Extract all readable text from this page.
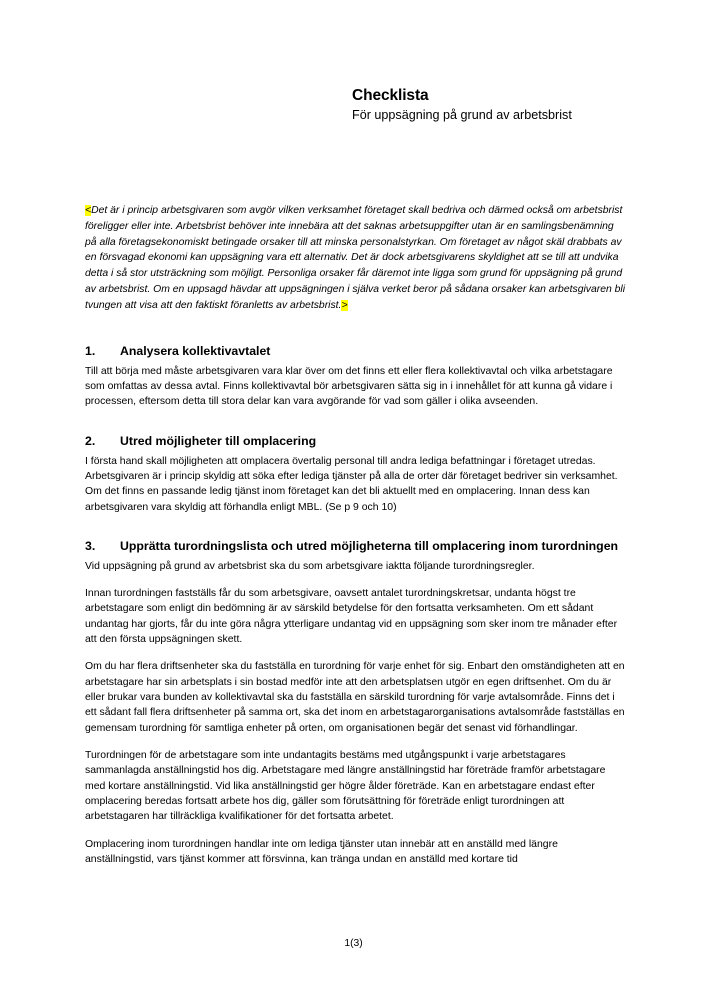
Checklista
För uppsägning på grund av arbetsbrist

<Det är i princip arbetsgivaren som avgör vilken verksamhet företaget skall bedriva och därmed också om arbetsbrist föreligger eller inte. Arbetsbrist behöver inte innebära att det saknas arbetsuppgifter utan är en samlingsbenämning på alla företagsekonomiskt betingade orsaker till att minska personalstyrkan. Om företaget av något skäl drabbats av en försvagad ekonomi kan uppsägning vara ett alternativ. Det är dock arbetsgivarens skyldighet att se till att undvika detta i så stor utsträckning som möjligt. Personliga orsaker får däremot inte ligga som grund för uppsägning på grund av arbetsbrist. Om en uppsagd hävdar att uppsägningen i själva verket beror på sådana orsaker kan arbetsgivaren bli tvungen att visa att den faktiskt föranletts av arbetsbrist.>

1.	Analysera kollektivavtalet

Till att börja med måste arbetsgivaren vara klar över om det finns ett eller flera kollektivavtal och vilka arbetstagare som omfattas av dessa avtal. Finns kollektivavtal bör arbetsgivaren sätta sig in i innehållet för att kunna gå vidare i processen, eftersom detta till stora delar kan vara avgörande för vad som gäller i olika avseenden.

2.	Utred möjligheter till omplacering

I första hand skall möjligheten att omplacera övertalig personal till andra lediga befattningar i företaget utredas. Arbetsgivaren är i princip skyldig att söka efter lediga tjänster på alla de orter där företaget bedriver sin verksamhet. Om det finns en passande ledig tjänst inom företaget kan det bli aktuellt med en omplacering. Innan dess kan arbetsgivaren vara skyldig att förhandla enligt MBL. (Se p 9 och 10)

3.	Upprätta turordningslista och utred möjligheterna till omplacering inom turordningen

Vid uppsägning på grund av arbetsbrist ska du som arbetsgivare iaktta följande turordningsregler.

Innan turordningen fastställs får du som arbetsgivare, oavsett antalet turordningskretsar, undanta högst tre arbetstagare som enligt din bedömning är av särskild betydelse för den fortsatta verksamheten. Om ett sådant undantag har gjorts, får du inte göra några ytterligare undantag vid en uppsägning som sker inom tre månader efter att den första uppsägningen skett.

Om du har flera driftsenheter ska du fastställa en turordning för varje enhet för sig. Enbart den omständigheten att en arbetstagare har sin arbetsplats i sin bostad medför inte att den arbetsplatsen utgör en egen driftsenhet. Om du är eller brukar vara bunden av kollektivavtal ska du fastställa en särskild turordning för varje avtalsområde. Finns det i ett sådant fall flera driftsenheter på samma ort, ska det inom en arbetstagarorganisations avtalsområde fastställas en gemensam turordning för samtliga enheter på orten, om organisationen begär det senast vid förhandlingar.

Turordningen för de arbetstagare som inte undantagits bestäms med utgångspunkt i varje arbetstagares sammanlagda anställningstid hos dig. Arbetstagare med längre anställningstid har företräde framför arbetstagare med kortare anställningstid. Vid lika anställningstid ger högre ålder företräde. Kan en arbetstagare endast efter omplacering beredas fortsatt arbete hos dig, gäller som förutsättning för företräde enligt turordningen att arbetstagaren har tillräckliga kvalifikationer för det fortsatta arbetet.

Omplacering inom turordningen handlar inte om lediga tjänster utan innebär att en anställd med längre anställningstid, vars tjänst kommer att försvinna, kan tränga undan en anställd med kortare tid

1(3)
